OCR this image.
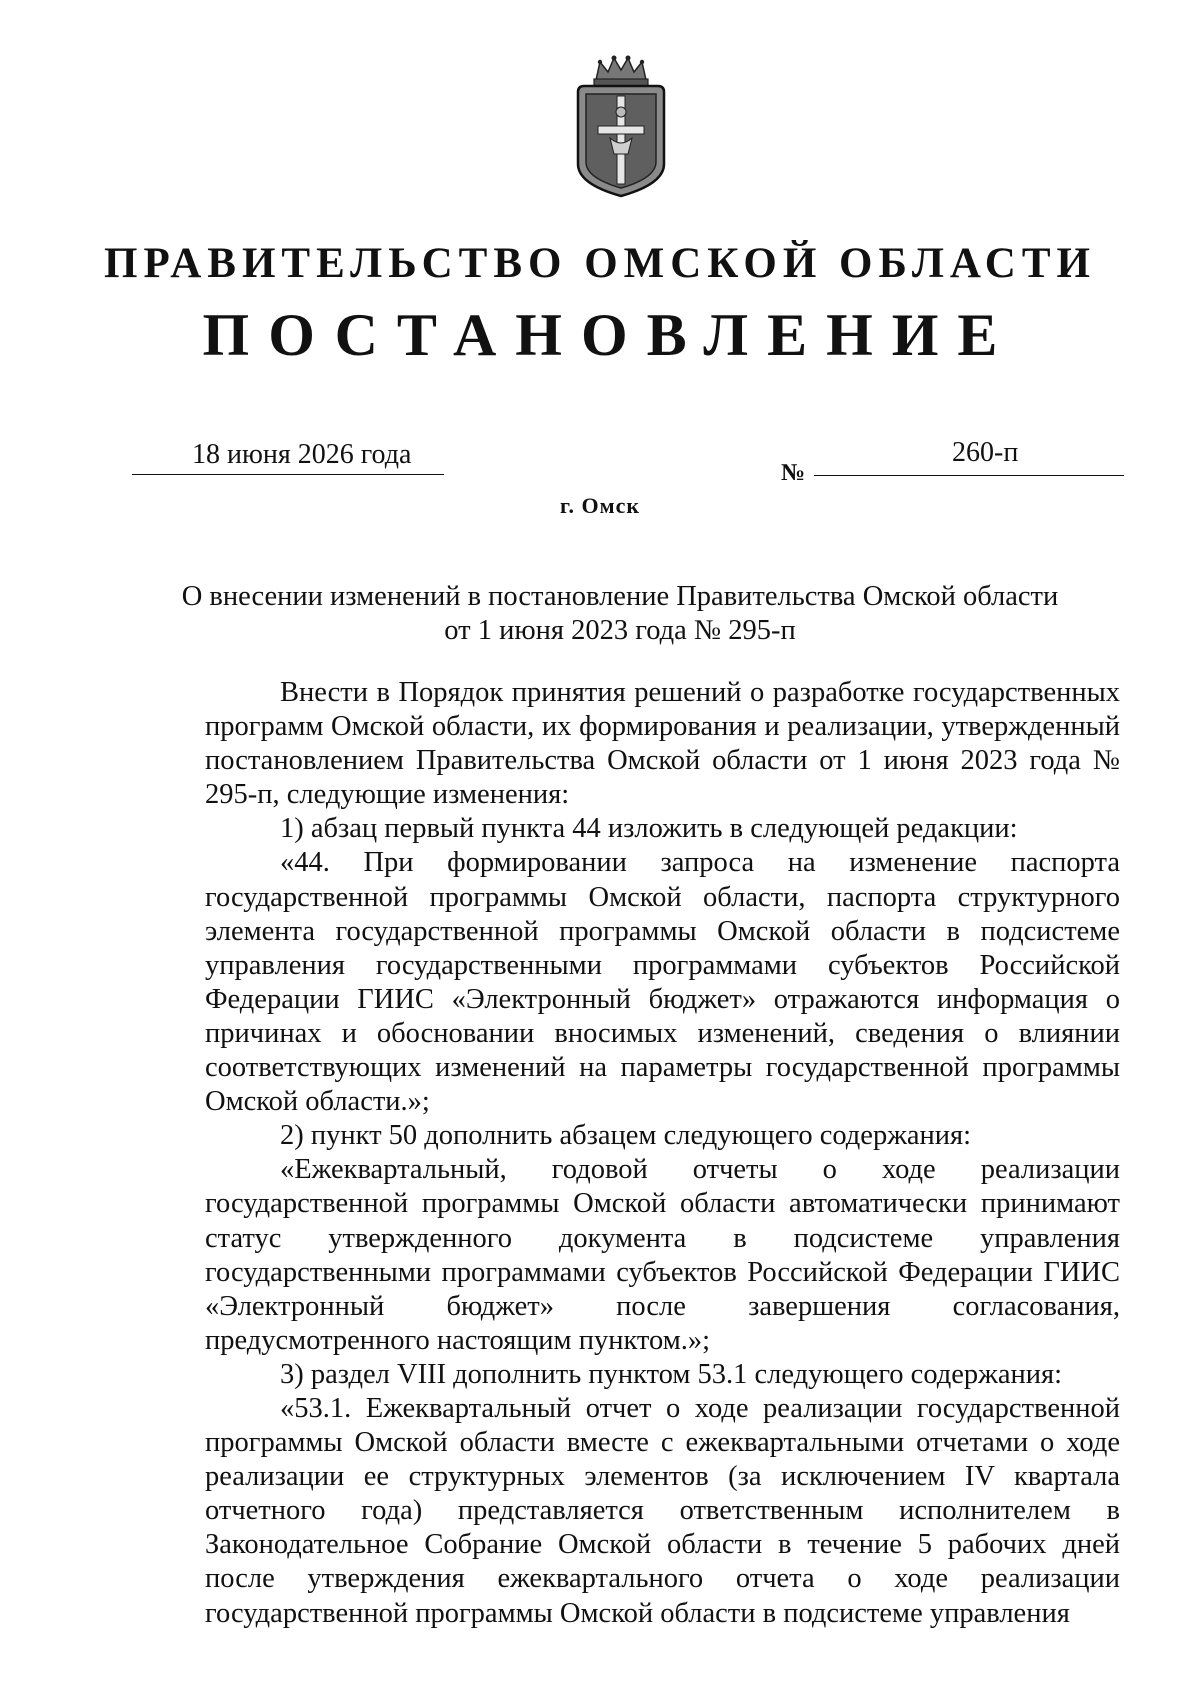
ПРАВИТЕЛЬСТВО ОМСКОЙ ОБЛАСТИ
ПОСТАНОВЛЕНИЕ
18 июня 2026 года
№
260-п
г. Омск

О внесении изменений в постановление Правительства Омской области

от 1 июня 2023 года № 295-п

Внести в Порядок принятия решений о разработке государственных программ Омской области, их формирования и реализации, утвержденный постановлением Правительства Омской области от 1 июня 2023 года № 295-п, следующие изменения:

1) абзац первый пункта 44 изложить в следующей редакции:

«44. При формировании запроса на изменение паспорта государственной программы Омской области, паспорта структурного элемента государственной программы Омской области в подсистеме управления государственными программами субъектов Российской Федерации ГИИС «Электронный бюджет» отражаются информация о причинах и обосновании вносимых изменений, сведения о влиянии соответствующих изменений на параметры государственной программы Омской области.»;

2) пункт 50 дополнить абзацем следующего содержания:

«Ежеквартальный, годовой отчеты о ходе реализации государственной программы Омской области автоматически принимают статус утвержденного документа в подсистеме управления государственными программами субъектов Российской Федерации ГИИС «Электронный бюджет» после завершения согласования, предусмотренного настоящим пунктом.»;

3) раздел VIII дополнить пунктом 53.1 следующего содержания:

«53.1. Ежеквартальный отчет о ходе реализации государственной программы Омской области вместе с ежеквартальными отчетами о ходе реализации ее структурных элементов (за исключением IV квартала отчетного года) представляется ответственным исполнителем в Законодательное Собрание Омской области в течение 5 рабочих дней после утверждения ежеквартального отчета о ходе реализации государственной программы Омской области в подсистеме управления
